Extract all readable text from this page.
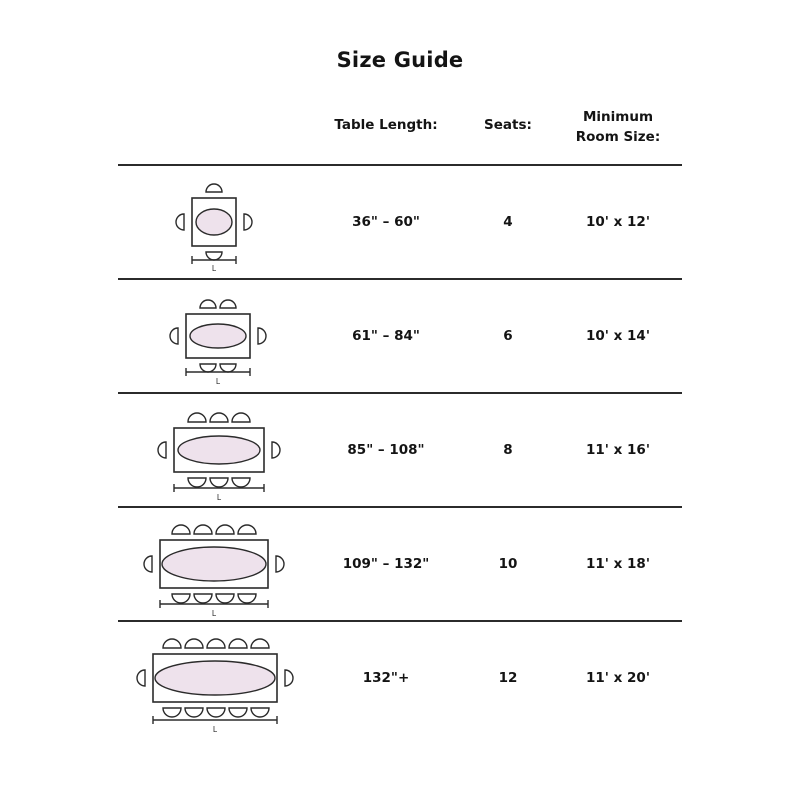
Size Guide
Table Length:	Seats:	Minimum
Room Size:
L
36" – 60"	4	10' x 12'
L
61" – 84"	6	10' x 14'
L
85" – 108"	8	11' x 16'
L
109" – 132"	10	11' x 18'
L
132"+	12	11' x 20'
